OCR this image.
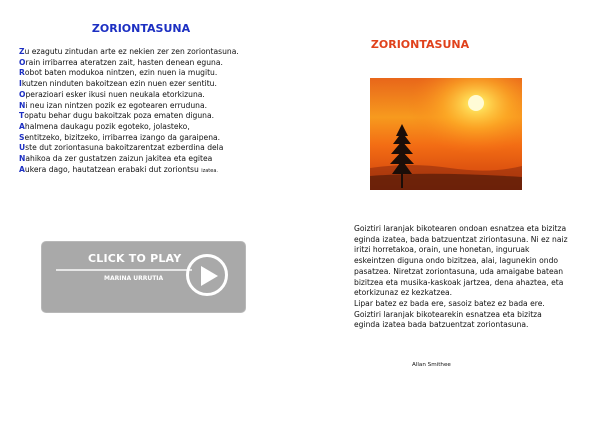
ZORIONTASUNA
Zu ezagutu zintudan arte ez nekien zer zen zoriontasuna.
Orain irribarrea ateratzen zait, hasten denean eguna.
Robot baten modukoa nintzen, ezin nuen ia mugitu.
Ikutzen ninduten bakoitzean ezin nuen ezer sentitu.
Operazioari esker ikusi nuen neukala etorkizuna.
Ni neu izan nintzen pozik ez egotearen erruduna.
Topatu behar dugu bakoitzak poza ematen diguna.
Ahalmena daukagu pozik egoteko, jolasteko,
Sentitzeko, bizitzeko, irribarrea izango da garaipena.
Uste dut zoriontasuna bakoitzarentzat ezberdina dela
Nahikoa da zer gustatzen zaizun jakitea eta egitea
Aukera dago, hautatzean erabaki dut zoriontsu izatea.
CLICK TO PLAY
MARINA URRUTIA
ZORIONTASUNA

Goiztiri laranjak bikotearen ondoan esnatzea eta bizitza eginda izatea, bada batzuentzat ziriontasuna. Ni ez naiz iritzi horretakoa, orain, une honetan, inguruak eskeintzen diguna ondo bizitzea, alai, lagunekin ondo pasatzea. Niretzat zoriontasuna, uda amaigabe batean bizitzea eta musika-kaskoak jartzea, dena ahaztea, eta etorkizunaz ez kezkatzea.

Lipar batez ez bada ere, sasoiz batez ez bada ere. Goiztiri laranjak bikotearekin esnatzea eta bizitza eginda izatea bada batzuentzat zoriontasuna.

Allan Smithee
